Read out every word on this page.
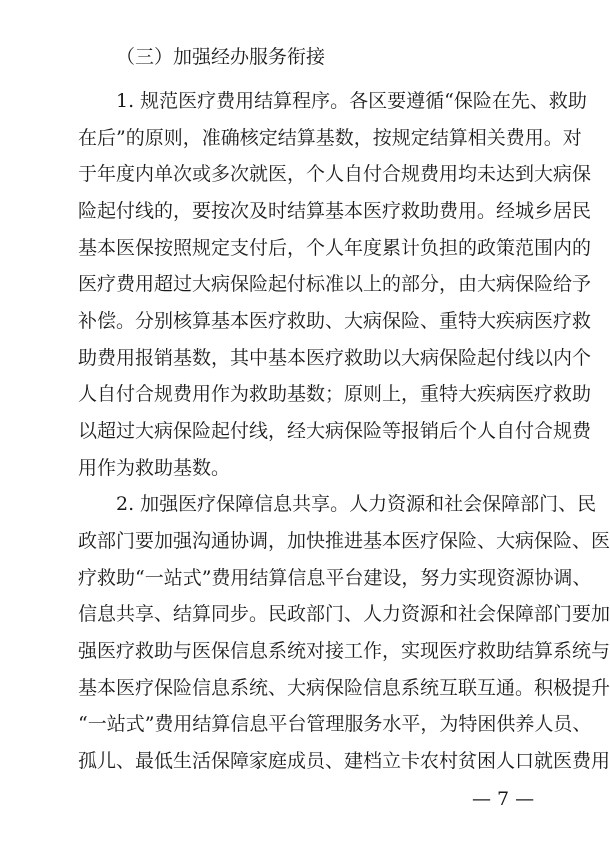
（三）加强经办服务衔接
1. 规范医疗费用结算程序。各区要遵循“保险在先、救助
在后”的原则，准确核定结算基数，按规定结算相关费用。对
于年度内单次或多次就医，个人自付合规费用均未达到大病保
险起付线的，要按次及时结算基本医疗救助费用。经城乡居民
基本医保按照规定支付后，个人年度累计负担的政策范围内的
医疗费用超过大病保险起付标准以上的部分，由大病保险给予
补偿。分别核算基本医疗救助、大病保险、重特大疾病医疗救
助费用报销基数，其中基本医疗救助以大病保险起付线以内个
人自付合规费用作为救助基数；原则上，重特大疾病医疗救助
以超过大病保险起付线，经大病保险等报销后个人自付合规费
用作为救助基数。
2. 加强医疗保障信息共享。人力资源和社会保障部门、民
政部门要加强沟通协调，加快推进基本医疗保险、大病保险、医
疗救助“一站式”费用结算信息平台建设，努力实现资源协调、
信息共享、结算同步。民政部门、人力资源和社会保障部门要加
强医疗救助与医保信息系统对接工作，实现医疗救助结算系统与
基本医疗保险信息系统、大病保险信息系统互联互通。积极提升
“一站式”费用结算信息平台管理服务水平，为特困供养人员、
孤儿、最低生活保障家庭成员、建档立卡农村贫困人口就医费用
— 7 —
